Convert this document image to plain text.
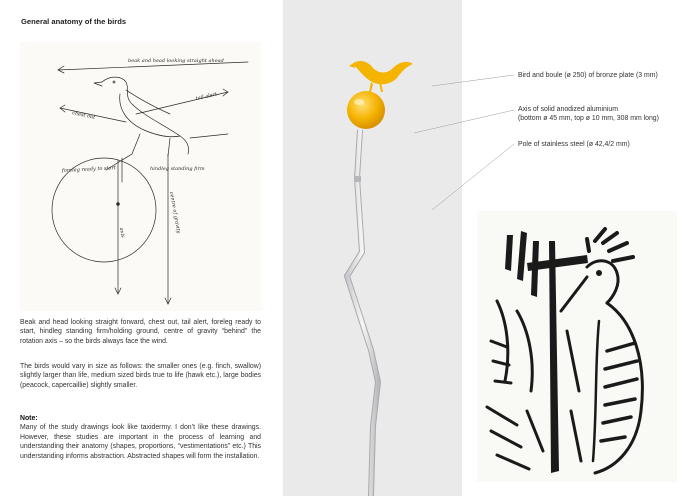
General anatomy of the birds
beak and head looking straight ahead
tail alert
chest out
foreleg ready to start	hindleg standing firm
centre of gravity
axis

Beak and head looking straight forward, chest out, tail alert, foreleg ready to start, hindleg standing firm/holding ground, centre of gravity “behind” the rotation axis – so the birds always face the wind.

The birds would vary in size as follows: the smaller ones (e.g. finch, swallow) slightly larger than life, medium sized birds true to life (hawk etc.), large bodies (peacock, capercaillie) slightly smaller.

Note:

Many of the study drawings look like taxidermy. I don’t like these drawings. However, these studies are important in the process of learning and understanding their anatomy (shapes, proportions, “vestimentations” etc.) This understanding informs abstraction. Abstracted shapes will form the installation.

Bird and boule (ø 250) of bronze plate (3 mm)
Axis of solid anodized aluminium
(bottom ø 45 mm, top ø 10 mm, 308 mm long)
Pole of stainless steel (ø 42,4/2 mm)
